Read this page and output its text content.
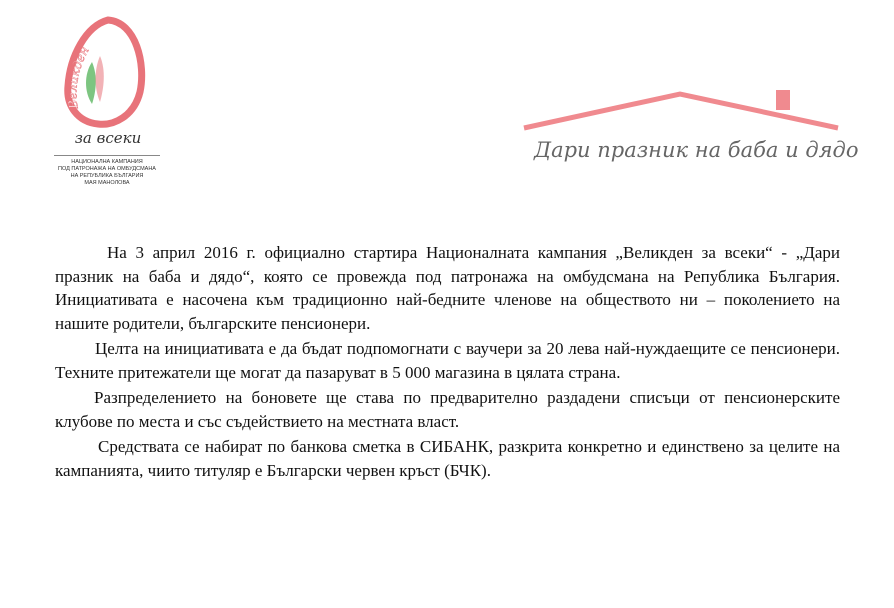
Великден
за всеки
НАЦИОНАЛНА КАМПАНИЯ
ПОД ПАТРОНАЖА НА ОМБУДСМАНА
НА РЕПУБЛИКА БЪЛГАРИЯ
МАЯ МАНОЛОВА
Дари празник на баба и дядо

На 3 април 2016 г. официално стартира Националната кампания „Великден за всеки“ - „Дари празник на баба и дядо“, която се провежда под патронажа на омбудсмана на Република България. Инициативата е насочена към традиционно най-бедните членове на обществото ни – поколението на нашите родители, българските пенсионери.

Целта на инициативата е да бъдат подпомогнати с ваучери за 20 лева най-нуждаещите се пенсионери. Техните притежатели ще могат да пазаруват в 5 000 магазина в цялата страна.

Разпределението на боновете ще става по предварително раздадени списъци от пенсионерските клубове по места и със съдействието на местната власт.

Средствата се набират по банкова сметка в СИБАНК, разкрита конкретно и единствено за целите на кампанията, чиито титуляр е Български червен кръст (БЧК).
